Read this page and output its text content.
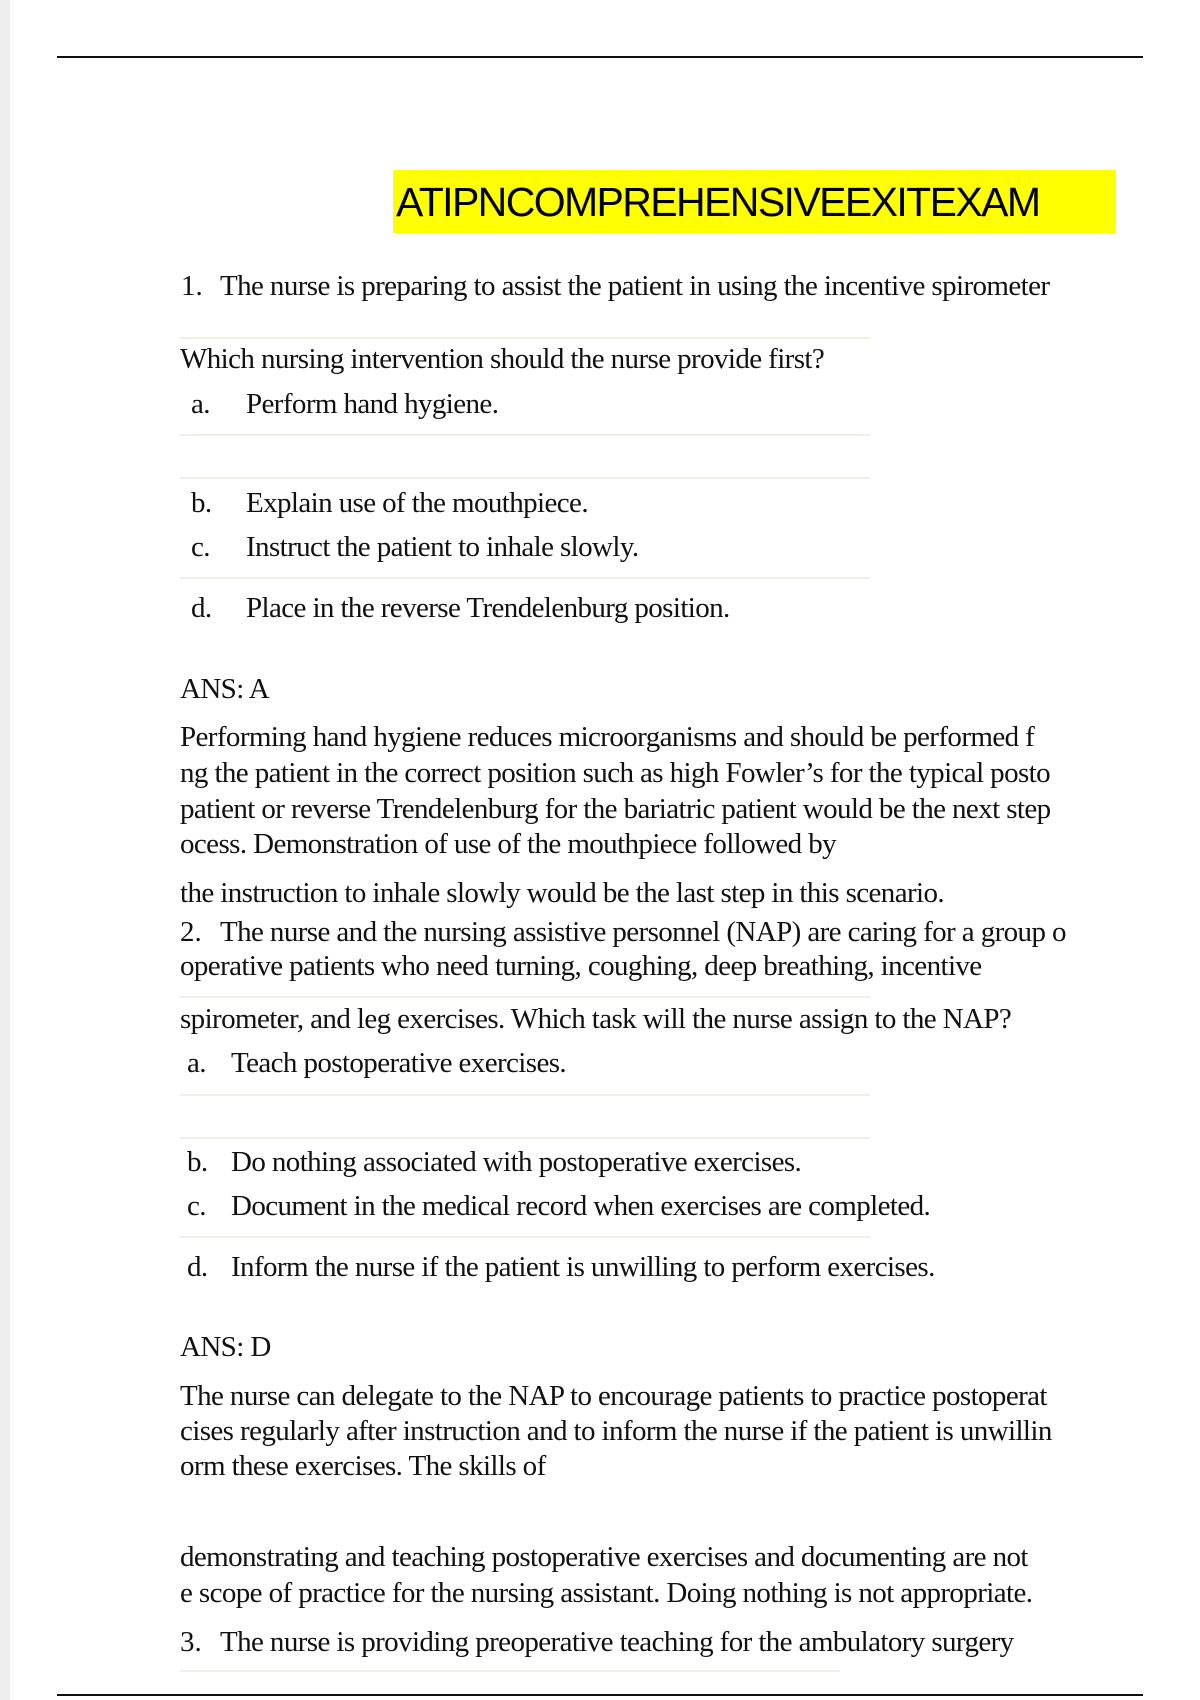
ATIPNCOMPREHENSIVEEXITEXAM
1. The nurse is preparing to assist the patient in using the incentive spirometer
Which nursing intervention should the nurse provide first?
a. Perform hand hygiene.
b. Explain use of the mouthpiece.
c. Instruct the patient to inhale slowly.
d. Place in the reverse Trendelenburg position.
ANS: A
Performing hand hygiene reduces microorganisms and should be performed f
ng the patient in the correct position such as high Fowler’s for the typical posto
patient or reverse Trendelenburg for the bariatric patient would be the next step
ocess. Demonstration of use of the mouthpiece followed by
the instruction to inhale slowly would be the last step in this scenario.
2. The nurse and the nursing assistive personnel (NAP) are caring for a group o
operative patients who need turning, coughing, deep breathing, incentive
spirometer, and leg exercises. Which task will the nurse assign to the NAP?
a. Teach postoperative exercises.
b. Do nothing associated with postoperative exercises.
c. Document in the medical record when exercises are completed.
d. Inform the nurse if the patient is unwilling to perform exercises.
ANS: D
The nurse can delegate to the NAP to encourage patients to practice postoperat
cises regularly after instruction and to inform the nurse if the patient is unwillin
orm these exercises. The skills of
demonstrating and teaching postoperative exercises and documenting are not
e scope of practice for the nursing assistant. Doing nothing is not appropriate.
3. The nurse is providing preoperative teaching for the ambulatory surgery
